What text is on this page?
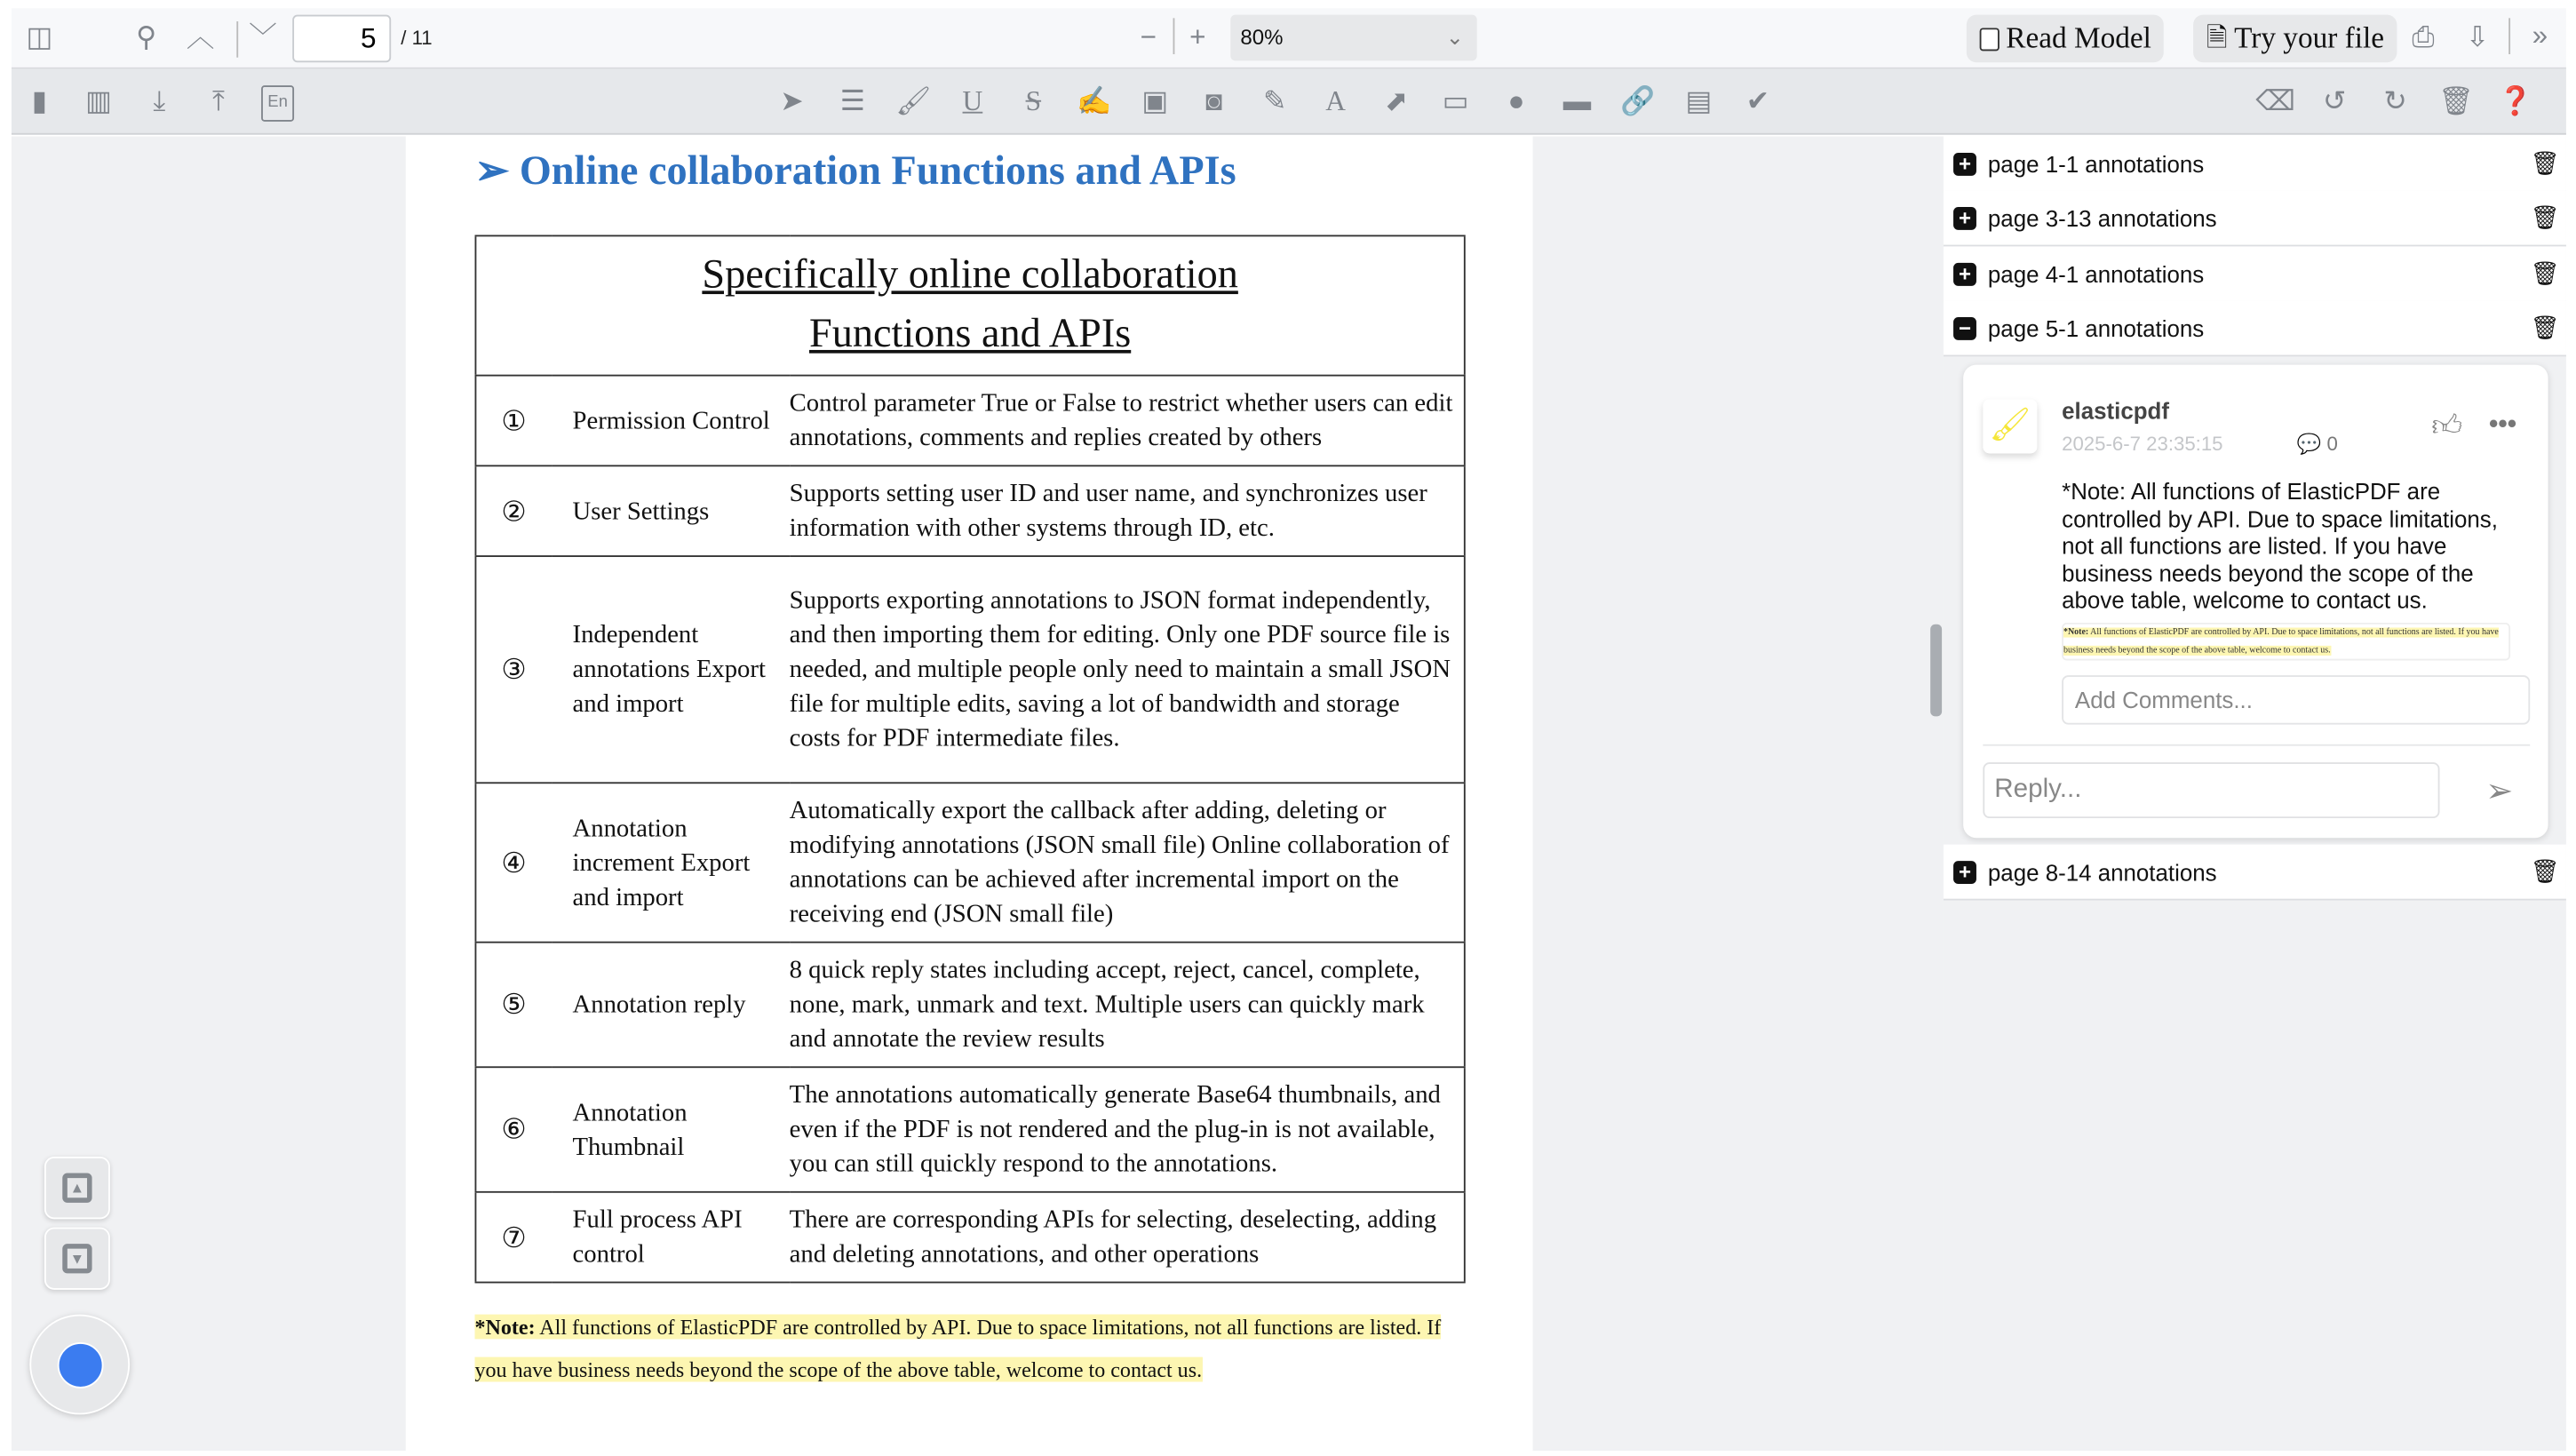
◫	⚲	︿ ﹀	5	/ 11	−	+	80%	⌄	Read Model	🗎 Try your file	⎙	⇩	»
▮	▥	⤓	⤒	En	➤	☰	🖌	U	S	✍	▣	◙	✎	A	⬈	▭	●	▬ 🔗	▤	✔	⌫	↺	↻	🗑 ❓
▲
▼
➢ Online collaboration Functions and APIs
Specifically online collaboration
Functions and APIs		
①	Permission Control	Control parameter True or False to restrict whether users can edit annotations, comments and replies created by others
②	User Settings	Supports setting user ID and user name, and synchronizes user information with other systems through ID, etc.
③	Independent annotations Export and import	Supports exporting annotations to JSON format independently, and then importing them for editing. Only one PDF source file is needed, and multiple people only need to maintain a small JSON file for multiple edits, saving a lot of bandwidth and storage costs for PDF intermediate files.
④	Annotation increment Export and import	Automatically export the callback after adding, deleting or modifying annotations (JSON small file) Online collaboration of annotations can be achieved after incremental import on the receiving end (JSON small file)
⑤	Annotation reply	8 quick reply states including accept, reject, cancel, complete, none, mark, unmark and text. Multiple users can quickly mark and annotate the review results
⑥	Annotation Thumbnail	The annotations automatically generate Base64 thumbnails, and even if the PDF is not rendered and the plug-in is not available, you can still quickly respond to the annotations.
⑦	Full process API control	There are corresponding APIs for selecting, deselecting, adding and deleting annotations, and other operations
*Note: All functions of ElasticPDF are controlled by API. Due to space limitations, not all functions are listed. If you have business needs beyond the scope of the above table, welcome to contact us.
+	page 1-1 annotations	🗑
+	page 3-13 annotations	🗑
+	page 4-1 annotations	🗑
−	page 5-1 annotations	🗑
🖌	elasticpdf
2025-6-7 23:35:15	💬 0
👍︎ •••
*Note: All functions of ElasticPDF are controlled by API. Due to space limitations, not all functions are listed. If you have business needs beyond the scope of the above table, welcome to contact us.
*Note: All functions of ElasticPDF are controlled by API. Due to space limitations, not all functions are listed. If you have business needs beyond the scope of the above table, welcome to contact us.
Add Comments...
Reply...	➢
+	page 8-14 annotations	🗑
